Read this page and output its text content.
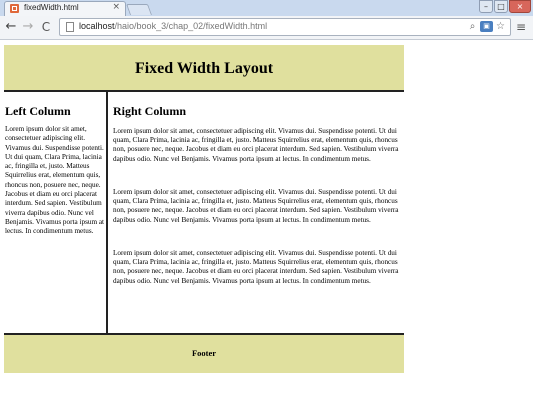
fixedWidth.html	×	–	□	×
← → C	localhost/haio/book_3/chap_02/fixedWidth.html	⌕	▣ ☆ ≡
Fixed Width Layout
Left Column

Lorem ipsum dolor sit amet, consectetuer adipiscing elit. Vivamus dui. Suspendisse potenti. Ut dui quam, Clara Prima, lacinia ac, fringilla et, justo. Matteus Squirrelius erat, elementum quis, rhoncus non, posuere nec, neque. Jacobus et diam eu orci placerat interdum. Sed sapien. Vestibulum viverra dapibus odio. Nunc vel Benjamis. Vivamus porta ipsum at lectus. In condimentum metus.

Right Column

Lorem ipsum dolor sit amet, consectetuer adipiscing elit. Vivamus dui. Suspendisse potenti. Ut dui quam, Clara Prima, lacinia ac, fringilla et, justo. Matteus Squirrelius erat, elementum quis, rhoncus non, posuere nec, neque. Jacobus et diam eu orci placerat interdum. Sed sapien. Vestibulum viverra dapibus odio. Nunc vel Benjamis. Vivamus porta ipsum at lectus. In condimentum metus.

Lorem ipsum dolor sit amet, consectetuer adipiscing elit. Vivamus dui. Suspendisse potenti. Ut dui quam, Clara Prima, lacinia ac, fringilla et, justo. Matteus Squirrelius erat, elementum quis, rhoncus non, posuere nec, neque. Jacobus et diam eu orci placerat interdum. Sed sapien. Vestibulum viverra dapibus odio. Nunc vel Benjamis. Vivamus porta ipsum at lectus. In condimentum metus.

Lorem ipsum dolor sit amet, consectetuer adipiscing elit. Vivamus dui. Suspendisse potenti. Ut dui quam, Clara Prima, lacinia ac, fringilla et, justo. Matteus Squirrelius erat, elementum quis, rhoncus non, posuere nec, neque. Jacobus et diam eu orci placerat interdum. Sed sapien. Vestibulum viverra dapibus odio. Nunc vel Benjamis. Vivamus porta ipsum at lectus. In condimentum metus.

Footer
